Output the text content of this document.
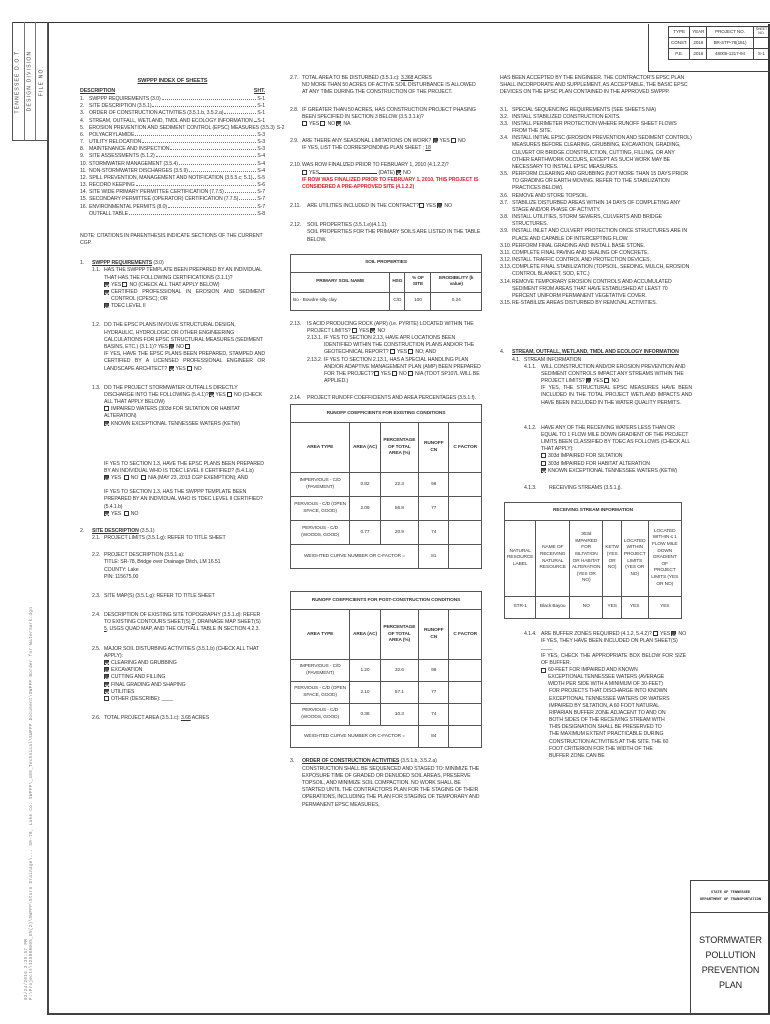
TENNESSEE D.O.T. DESIGN DIVISION FILE NO.
02/24/2016 3:35:57 PM P:\Projects\125008005_EN(2)\SWPPP\Storm Drainage\... SR-78, Lake Co. SWPPP\_400_Technical\SWPPP Document\SWPPP Border for Watermark.dgn
TYPE	YEAR	PROJECT NO.	SHEET NO.
CONST.	2016	BR-STP-78(181)	
P.E.	2016	48005-1217-94	S-1
SWPPP INDEX OF SHEETS
DESCRIPTION	SHT.
1. SWPPP REQUIREMENTS (3.0)	S-1
2. SITE DESCRIPTION (3.5.1)	S-1
3. ORDER OF CONSTRUCTION ACTIVITIES (3.5.1.b, 3.5.2.a)	S-1
4. STREAM, OUTFALL, WETLAND, TMDL AND ECOLOGY INFORMATION S-1
5. EROSION PREVENTION AND SEDIMENT CONTROL (EPSC) MEASURES (3.5.3) S-2
6. POLYACRYLAMIDE	S-3
7. UTILITY RELOCATION	S-3
8. MAINTENANCE AND INSPECTION	S-3
9. SITE ASSESSMENTS (5.1.2)	S-4
10. STORMWATER MANAGEMENT (3.5.4)	S-4
11. NON-STORMWATER DISCHARGES (3.5.9)	S-4
12. SPILL PREVENTION, MANAGEMENT AND NOTIFICATION (3.5.5.c; 5.1) S-5
13. RECORD KEEPING	S-6
14. SITE WIDE PRIMARY PERMITTEE CERTIFICATION (7.7.5)	S-7
15. SECONDARY PERMITTEE (OPERATOR) CERTIFICATION (7.7.5)	S-7
16. ENVIRONMENTAL PERMITS (8.0)	S-7
OUTFALL TABLE	S-8
NOTE: CITATIONS IN PARENTHESIS INDICATE SECTIONS OF THE CURRENT CGP.
1.	SWPPP REQUIREMENTS (3.0)
1.1. HAS THE SWPPP TEMPLATE BEEN PREPARED BY AN INDIVIDUAL THAT HAS THE FOLLOWING CERTIFICATIONS (3.1.1)?
YES NO (CHECK ALL THAT APPLY BELOW)
CERTIFIED PROFESSIONAL IN EROSION AND SEDIMENT CONTROL (CPESC); OR
TDEC LEVEL II
1.2. DO THE EPSC PLANS INVOLVE STRUCTURAL DESIGN, HYDRAULIC, HYDROLOGIC OR OTHER ENGINEERING CALCULATIONS FOR EPSC STRUCTURAL MEASURES (SEDIMENT BASINS, ETC.) (3.1.1)? YES NO
IF YES, HAVE THE EPSC PLANS BEEN PREPARED, STAMPED AND CERTIFIED BY A LICENSED PROFESSIONAL ENGINEER OR LANDSCAPE ARCHITECT? YES NO
1.3. DO THE PROJECT STORMWATER OUTFALLS DIRECTLY DISCHARGE INTO THE FOLLOWING (5.4.1)? YES NO (CHECK ALL THAT APPLY BELOW)
IMPAIRED WATERS (303d FOR SILTATION OR HABITAT ALTERATION)
KNOWN EXCEPTIONAL TENNESSEE WATERS (KETW)
IF YES TO SECTION 1.3, HAVE THE EPSC PLANS BEEN PREPARED BY AN INDIVIDUAL WHO IS TDEC LEVEL II CERTIFIED? (5.4.1.b)
YES NO N/A (MAY 23, 2013 CGP EXEMPTION); AND
IF YES TO SECTION 1.3, HAS THE SWPPP TEMPLATE BEEN PREPARED BY AN INDIVIDUAL WHO IS TDEC LEVEL II CERTIFIED? (5.4.1.b)
YES NO
2.	SITE DESCRIPTION (3.5.1)
2.1. PROJECT LIMITS (3.5.1.g): REFER TO TITLE SHEET
2.2. PROJECT DESCRIPTION (3.5.1.a):
TITLE: SR-78, Bridge over Drainage Ditch, LM 16.51
COUNTY: Lake
PIN: 115675.00
2.3. SITE MAP(S) (3.5.1.g): REFER TO TITLE SHEET
2.4. DESCRIPTION OF EXISTING SITE TOPOGRAPHY (3.5.1.d): REFER TO EXISTING CONTOURS SHEET(S) 7, DRAINAGE MAP SHEET(S) 5, USGS QUAD MAP, AND THE OUTFALL TABLE IN SECTION 4.2.3.
2.5. MAJOR SOIL DISTURBING ACTIVITIES (3.5.1.b) (CHECK ALL THAT APPLY):
CLEARING AND GRUBBING
EXCAVATION
CUTTING AND FILLING
FINAL GRADING AND SHAPING
UTILITIES
OTHER (DESCRIBE): ____
2.6. TOTAL PROJECT AREA (3.5.1.c): 3.68 ACRES
2.7. TOTAL AREA TO BE DISTURBED (3.5.1.c): 3.368 ACRES
NO MORE THAN 50 ACRES OF ACTIVE SOIL DISTURBANCE IS ALLOWED AT ANY TIME DURING THE CONSTRUCTION OF THE PROJECT.
2.8. IF GREATER THAN 50 ACRES, HAS CONSTRUCTION PROJECT PHASING BEEN SPECIFIED IN SECTION 3 BELOW (3.5.3.1.k)?
YES NO NA
2.9. ARE THERE ANY SEASONAL LIMITATIONS ON WORK? YES NO
IF YES, LIST THE CORRESPONDING PLAN SHEET : 18
2.10. WAS ROW FINALIZED PRIOR TO FEBRUARY 1, 2010 (4.1.2.2)?
YES	(DATE) NO
IF ROW WAS FINALIZED PRIOR TO FEBRUARY 1, 2010, THIS PROJECT IS CONSIDERED A PRE-APPROVED SITE (4.1.2.2)
2.11.	ARE UTILITIES INCLUDED IN THE CONTRACT? YES NO
2.12.	SOIL PROPERTIES (3.5.1.e)(4.1.1).
SOIL PROPERTIES FOR THE PRIMARY SOILS ARE LISTED IN THE TABLE BELOW.
SOIL PROPERTIES			
PRIMARY SOIL NAME	HSG	% OF SITE	ERODIBILITY (k value)
Bo - Bowdre silty clay	C/D	100	0.24
2.13.	IS ACID PRODUCING ROCK (APR) (i.e. PYRITE) LOCATED WITHIN THE PROJECT LIMITS? YES NO
2.13.1. IF YES TO SECTION 2.13, HAVE APR LOCATIONS BEEN IDENTIFIED WITHIN THE CONSTRUCTION PLANS AND/OR THE GEOTECHNICAL REPORT? YES NO; AND
2.13.2. IF YES TO SECTION 2.13.1, HAS A SPECIAL HANDLING PLAN AND/OR ADAPTIVE MANAGEMENT PLAN (AMP) BEEN PREPARED FOR THE PROJECT? YES NO N/A (TDOT SP107L WILL BE APPLIED.)
2.14.	PROJECT RUNOFF COEFFICIENTS AND AREA PERCENTAGES (3.5.1.f).
RUNOFF COEFFICIENTS FOR EXISTING CONDITIONS				
AREA TYPE	AREA (AC)	PERCENTAGE OF TOTAL AREA (%)	RUNOFF CN	C FACTOR
IMPERVIOUS - C/D (PAVEMENT)	0.82	22.3	98	
PERVIOUS - C/D (OPEN SPACE, GOOD)	2.09	56.8	77	
PERVIOUS - C/D (WOODS, GOOD)	0.77	20.9	74	
WEIGHTED CURVE NUMBER OR C-FACTOR =			81	
RUNOFF COEFFICIENTS FOR POST-CONSTRUCTION CONDITIONS				
AREA TYPE	AREA (AC)	PERCENTAGE OF TOTAL AREA (%)	RUNOFF CN	C FACTOR
IMPERVIOUS - C/D (PAVEMENT)	1.20	32.6	98	
PERVIOUS - C/D (OPEN SPACE, GOOD)	2.10	57.1	77	
PERVIOUS - C/D (WOODS, GOOD)	0.38	10.3	74	
WEIGHTED CURVE NUMBER OR C-FACTOR =			84	
3.	ORDER OF CONSTRUCTION ACTIVITIES (3.5.1.b, 3.5.2.a)
CONSTRUCTION SHALL BE SEQUENCED AND STAGED TO: MINIMIZE THE EXPOSURE TIME OF GRADED OR DENUDED SOIL AREAS, PRESERVE TOPSOIL, AND MINIMIZE SOIL COMPACTION. NO WORK SHALL BE STARTED UNTIL THE CONTRACTORS PLAN FOR THE STAGING OF THEIR OPERATIONS, INCLUDING THE PLAN FOR STAGING OF TEMPORARY AND PERMANENT EPSC MEASURES,
HAS BEEN ACCEPTED BY THE ENGINEER. THE CONTRACTOR'S EPSC PLAN SHALL INCORPORATE AND SUPPLEMENT, AS ACCEPTABLE, THE BASIC EPSC DEVICES ON THE EPSC PLAN CONTAINED IN THE APPROVED SWPPP.
3.1. SPECIAL SEQUENCING REQUIREMENTS (SEE SHEETS N/A)
3.2. INSTALL STABILIZED CONSTRUCTION EXITS.
3.3. INSTALL PERIMETER PROTECTION WHERE RUNOFF SHEET FLOWS FROM THE SITE.
3.4. INSTALL INITIAL EPSC (EROSION PREVENTION AND SEDIMENT CONTROL) MEASURES BEFORE CLEARING, GRUBBING, EXCAVATION, GRADING, CULVERT OR BRIDGE CONSTRUCTION, CUTTING, FILLING, OR ANY OTHER EARTHWORK OCCURS, EXCEPT AS SUCH WORK MAY BE NECESSARY TO INSTALL EPSC MEASURES.
3.5. PERFORM CLEARING AND GRUBBING (NOT MORE THAN 15 DAYS PRIOR TO GRADING OR EARTH MOVING. REFER TO THE STABILIZATION PRACTICES BELOW).
3.6. REMOVE AND STORE TOPSOIL.
3.7. STABILIZE DISTURBED AREAS WITHIN 14 DAYS OF COMPLETING ANY STAGE AND/OR PHASE OF ACTIVITY.
3.8. INSTALL UTILITIES, STORM SEWERS, CULVERTS AND BRIDGE STRUCTURES.
3.9. INSTALL INLET AND CULVERT PROTECTION ONCE STRUCTURES ARE IN PLACE AND CAPABLE OF INTERCEPTING FLOW.
3.10. PERFORM FINAL GRADING AND INSTALL BASE STONE.
3.11. COMPLETE FINAL PAVING AND SEALING OF CONCRETE.
3.12. INSTALL TRAFFIC CONTROL AND PROTECTION DEVICES.
3.13. COMPLETE FINAL STABILIZATION (TOPSOIL, SEEDING, MULCH, EROSION CONTROL BLANKET, SOD, ETC.)
3.14. REMOVE TEMPORARY EROSION CONTROLS AND ACCUMULATED SEDIMENT FROM AREAS THAT HAVE ESTABLISHED AT LEAST 70 PERCENT UNIFORM PERMANENT VEGETATIVE COVER.
3.15. RE-STABILIZE AREAS DISTURBED BY REMOVAL ACTIVITIES.
4.	STREAM, OUTFALL, WETLAND, TMDL AND ECOLOGY INFORMATION
4.1. STREAM INFORMATION
4.1.1. WILL CONSTRUCTION AND/OR EROSION PREVENTION AND SEDIMENT CONTROLS IMPACT ANY STREAMS WITHIN THE PROJECT LIMITS? YES NO
IF YES, THE STRUCTURAL EPSC MEASURES HAVE BEEN INCLUDED IN THE TOTAL PROJECT WETLAND IMPACTS AND HAVE BEEN INCLUDED IN THE WATER QUALITY PERMITS.
4.1.2. HAVE ANY OF THE RECEIVING WATERS LESS THAN OR EQUAL TO 1 FLOW MILE DOWN GRADIENT OF THE PROJECT LIMITS BEEN CLASSIFIED BY TDEC AS FOLLOWS (CHECK ALL THAT APPLY):
303d IMPAIRED FOR SILTATION
303d IMPAIRED FOR HABITAT ALTERATION
KNOWN EXCEPTIONAL TENNESSEE WATERS (KETW)
4.1.3.	RECEIVING STREAMS (3.5.1.j).
RECEIVING STREAM INFORMATION					
NATURAL RESOURCE LABEL	NAME OF RECEIVING NATURAL RESOURCE	303d IMPAIRED FOR SILTATION OR HABITAT ALTERATION (YES OR NO)	KETW (YES OR NO)	LOCATED WITHIN PROJECT LIMITS (YES OR NO)	LOCATED WITHIN ≤ 1 FLOW MILE DOWN GRADIENT OF PROJECT LIMITS (YES OR NO)
STR-1	Black Bayou	NO	YES	YES	YES
4.1.4. ARE BUFFER ZONES REQUIRED (4.1.2, 5.4.2)? YES NO
IF YES, THEY HAVE BEEN INCLUDED ON PLAN SHEET(S) ____
IF YES, CHECK THE APPROPRIATE BOX BELOW FOR SIZE OF BUFFER.
60-FEET FOR IMPAIRED AND KNOWN EXCEPTIONAL TENNESSEE WATERS (AVERAGE WIDTH PER SIDE WITH A MINIMUM OF 30-FEET)
FOR PROJECTS THAT DISCHARGE INTO KNOWN EXCEPTIONAL TENNESSEE WATERS OR WATERS IMPAIRED BY SILTATION, A 60 FOOT NATURAL RIPARIAN BUFFER ZONE ADJACENT TO AND ON BOTH SIDES OF THE RECEIVING STREAM WITH THIS DESIGNATION SHALL BE PRESERVED TO THE MAXIMUM EXTENT PRACTICABLE DURING CONSTRUCTION ACTIVITIES AT THE SITE. THE 60 FOOT CRITERION FOR THE WIDTH OF THE BUFFER ZONE CAN BE
STATE OF TENNESSEE
DEPARTMENT OF TRANSPORTATION
STORMWATER
POLLUTION
PREVENTION
PLAN
